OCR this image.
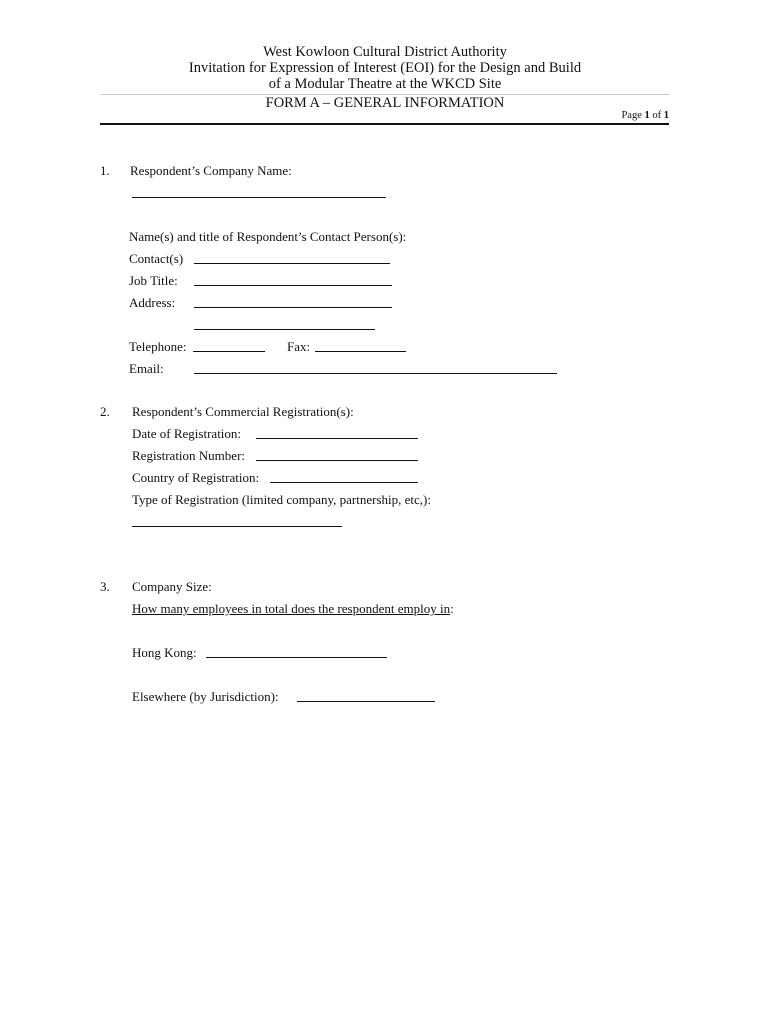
West Kowloon Cultural District Authority
Invitation for Expression of Interest (EOI) for the Design and Build
of a Modular Theatre at the WKCD Site
FORM A – GENERAL INFORMATION
Page 1 of 1
1. Respondent’s Company Name:
Name(s) and title of Respondent’s Contact Person(s):
Contact(s)
Job Title:
Address:
Telephone:	Fax:
Email:
2. Respondent’s Commercial Registration(s):
Date of Registration:
Registration Number:
Country of Registration:
Type of Registration (limited company, partnership, etc,):
3. Company Size:
How many employees in total does the respondent employ in:
Hong Kong:
Elsewhere (by Jurisdiction):
